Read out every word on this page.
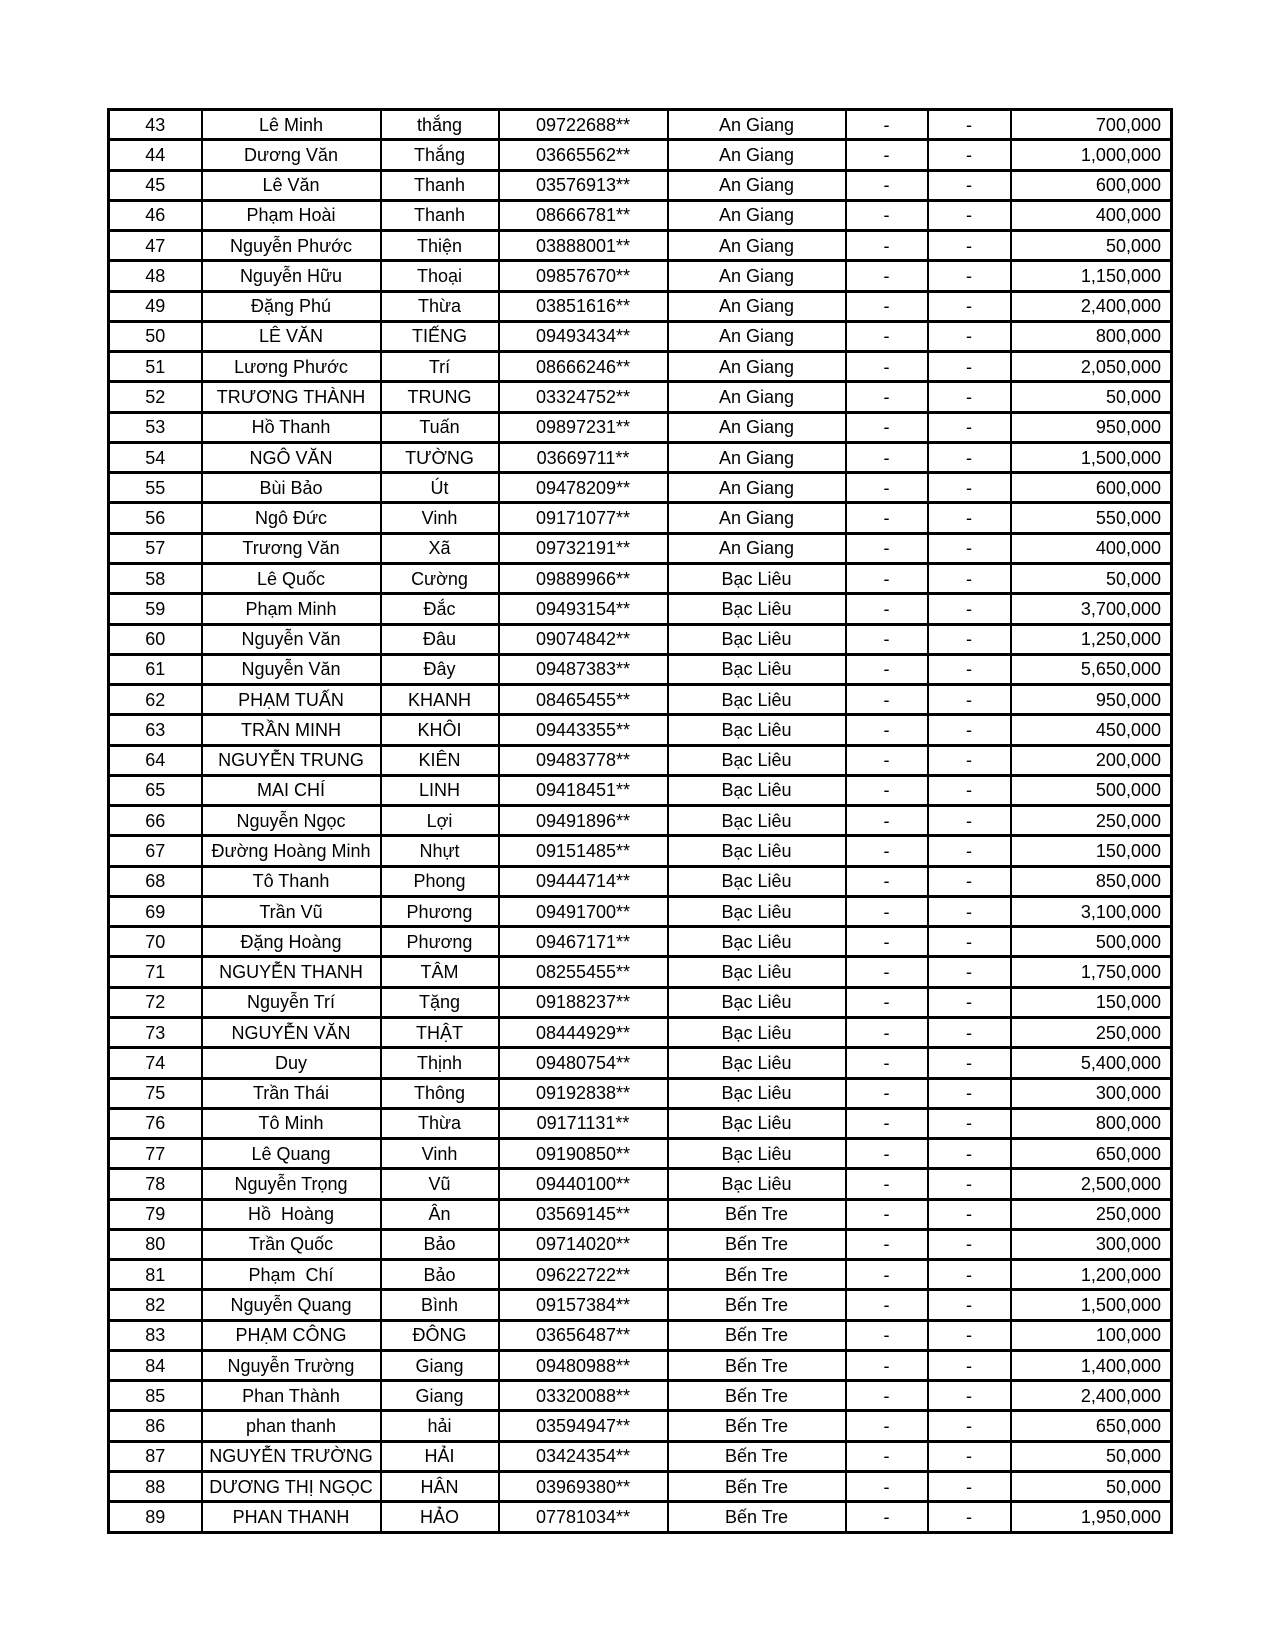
43	Lê Minh	thắng	09722688**	An Giang	-	-	700,000
44	Dương Văn	Thắng	03665562**	An Giang	-	-	1,000,000
45	Lê Văn	Thanh	03576913**	An Giang	-	-	600,000
46	Phạm Hoài	Thanh	08666781**	An Giang	-	-	400,000
47	Nguyễn Phước	Thiện	03888001**	An Giang	-	-	50,000
48	Nguyễn Hữu	Thoại	09857670**	An Giang	-	-	1,150,000
49	Đặng Phú	Thừa	03851616**	An Giang	-	-	2,400,000
50	LÊ VĂN	TIẾNG	09493434**	An Giang	-	-	800,000
51	Lương Phước	Trí	08666246**	An Giang	-	-	2,050,000
52	TRƯƠNG THÀNH	TRUNG	03324752**	An Giang	-	-	50,000
53	Hồ Thanh	Tuấn	09897231**	An Giang	-	-	950,000
54	NGÔ VĂN	TƯỜNG	03669711**	An Giang	-	-	1,500,000
55	Bùi Bảo	Út	09478209**	An Giang	-	-	600,000
56	Ngô Đức	Vinh	09171077**	An Giang	-	-	550,000
57	Trương Văn	Xã	09732191**	An Giang	-	-	400,000
58	Lê Quốc	Cường	09889966**	Bạc Liêu	-	-	50,000
59	Phạm Minh	Đắc	09493154**	Bạc Liêu	-	-	3,700,000
60	Nguyễn Văn	Đâu	09074842**	Bạc Liêu	-	-	1,250,000
61	Nguyễn Văn	Đây	09487383**	Bạc Liêu	-	-	5,650,000
62	PHẠM TUẤN	KHANH	08465455**	Bạc Liêu	-	-	950,000
63	TRẦN MINH	KHÔI	09443355**	Bạc Liêu	-	-	450,000
64	NGUYỄN TRUNG	KIÊN	09483778**	Bạc Liêu	-	-	200,000
65	MAI CHÍ	LINH	09418451**	Bạc Liêu	-	-	500,000
66	Nguyễn Ngọc	Lợi	09491896**	Bạc Liêu	-	-	250,000
67	Đường Hoàng Minh	Nhựt	09151485**	Bạc Liêu	-	-	150,000
68	Tô Thanh	Phong	09444714**	Bạc Liêu	-	-	850,000
69	Trần Vũ	Phương	09491700**	Bạc Liêu	-	-	3,100,000
70	Đặng Hoàng	Phương	09467171**	Bạc Liêu	-	-	500,000
71	NGUYỄN THANH	TÂM	08255455**	Bạc Liêu	-	-	1,750,000
72	Nguyễn Trí	Tặng	09188237**	Bạc Liêu	-	-	150,000
73	NGUYỄN VĂN	THẬT	08444929**	Bạc Liêu	-	-	250,000
74	Duy	Thịnh	09480754**	Bạc Liêu	-	-	5,400,000
75	Trần Thái	Thông	09192838**	Bạc Liêu	-	-	300,000
76	Tô Minh	Thừa	09171131**	Bạc Liêu	-	-	800,000
77	Lê Quang	Vinh	09190850**	Bạc Liêu	-	-	650,000
78	Nguyễn Trọng	Vũ	09440100**	Bạc Liêu	-	-	2,500,000
79	Hồ  Hoàng	Ân	03569145**	Bến Tre	-	-	250,000
80	Trần Quốc	Bảo	09714020**	Bến Tre	-	-	300,000
81	Phạm  Chí	Bảo	09622722**	Bến Tre	-	-	1,200,000
82	Nguyễn Quang	Bình	09157384**	Bến Tre	-	-	1,500,000
83	PHẠM CÔNG	ĐÔNG	03656487**	Bến Tre	-	-	100,000
84	Nguyễn Trường	Giang	09480988**	Bến Tre	-	-	1,400,000
85	Phan Thành	Giang	03320088**	Bến Tre	-	-	2,400,000
86	phan thanh	hải	03594947**	Bến Tre	-	-	650,000
87	NGUYỄN TRƯỜNG	HẢI	03424354**	Bến Tre	-	-	50,000
88	DƯƠNG THỊ NGỌC	HÂN	03969380**	Bến Tre	-	-	50,000
89	PHAN THANH	HẢO	07781034**	Bến Tre	-	-	1,950,000
